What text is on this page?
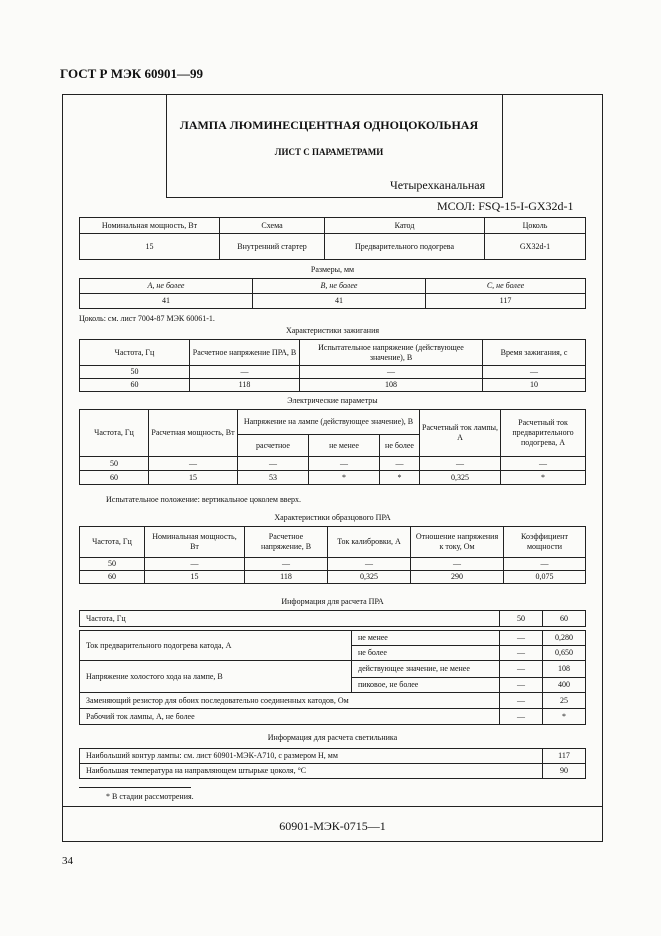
ГОСТ Р МЭК 60901—99
ЛАМПА ЛЮМИНЕСЦЕНТНАЯ ОДНОЦОКОЛЬНАЯ
ЛИСТ С ПАРАМЕТРАМИ
Четырехканальная
МСОЛ: FSQ-15-I-GX32d-1
Номинальная мощность, Вт	Схема	Катод	Цоколь
15	Внутренний стартер	Предварительного подогрева	GX32d-1
Размеры, мм
A, не более	B, не более	C, не более
41	41	117
Цоколь: см. лист 7004-87 МЭК 60061-1.
Характеристики зажигания
Частота, Гц	Расчетное напряжение ПРА, В	Испытательное напряжение (действующее значение), В	Время зажигания, с
50	—	—	—
60	118	108	10
Электрические параметры
Частота, Гц	Расчетная мощность, Вт	Напряжение на лампе (действующее значение), В			Расчетный ток лампы, А	Расчетный ток предварительного подогрева, А
		расчетное	не менее	не более		
50	—	—	—	—	—	—
60	15	53	*	*	0,325	*
Испытательное положение: вертикальное цоколем вверх.
Характеристики образцового ПРА
Частота, Гц	Номинальная мощность, Вт	Расчетное напряжение, В	Ток калибровки, А	Отношение напряжения к току, Ом	Коэффициент мощности
50	—	—	—	—	—
60	15	118	0,325	290	0,075
Информация для расчета ПРА
Частота, Гц		50	60

Ток предварительного подогрева катода, А	не менее	—	0,280
	не более	—	0,650
Напряжение холостого хода на лампе, В	действующее значение, не менее	—	108
	пиковое, не более	—	400
Заменяющий резистор для обоих последовательно соединенных катодов, Ом		—	25
Рабочий ток лампы, А, не более		—	*
Информация для расчета светильника
Наибольший контур лампы: см. лист 60901-МЭК-А710, с размером H, мм	117
Наибольшая температура на направляющем штырьке цоколя, °С	90
* В стадии рассмотрения.
60901-МЭК-0715—1
34
